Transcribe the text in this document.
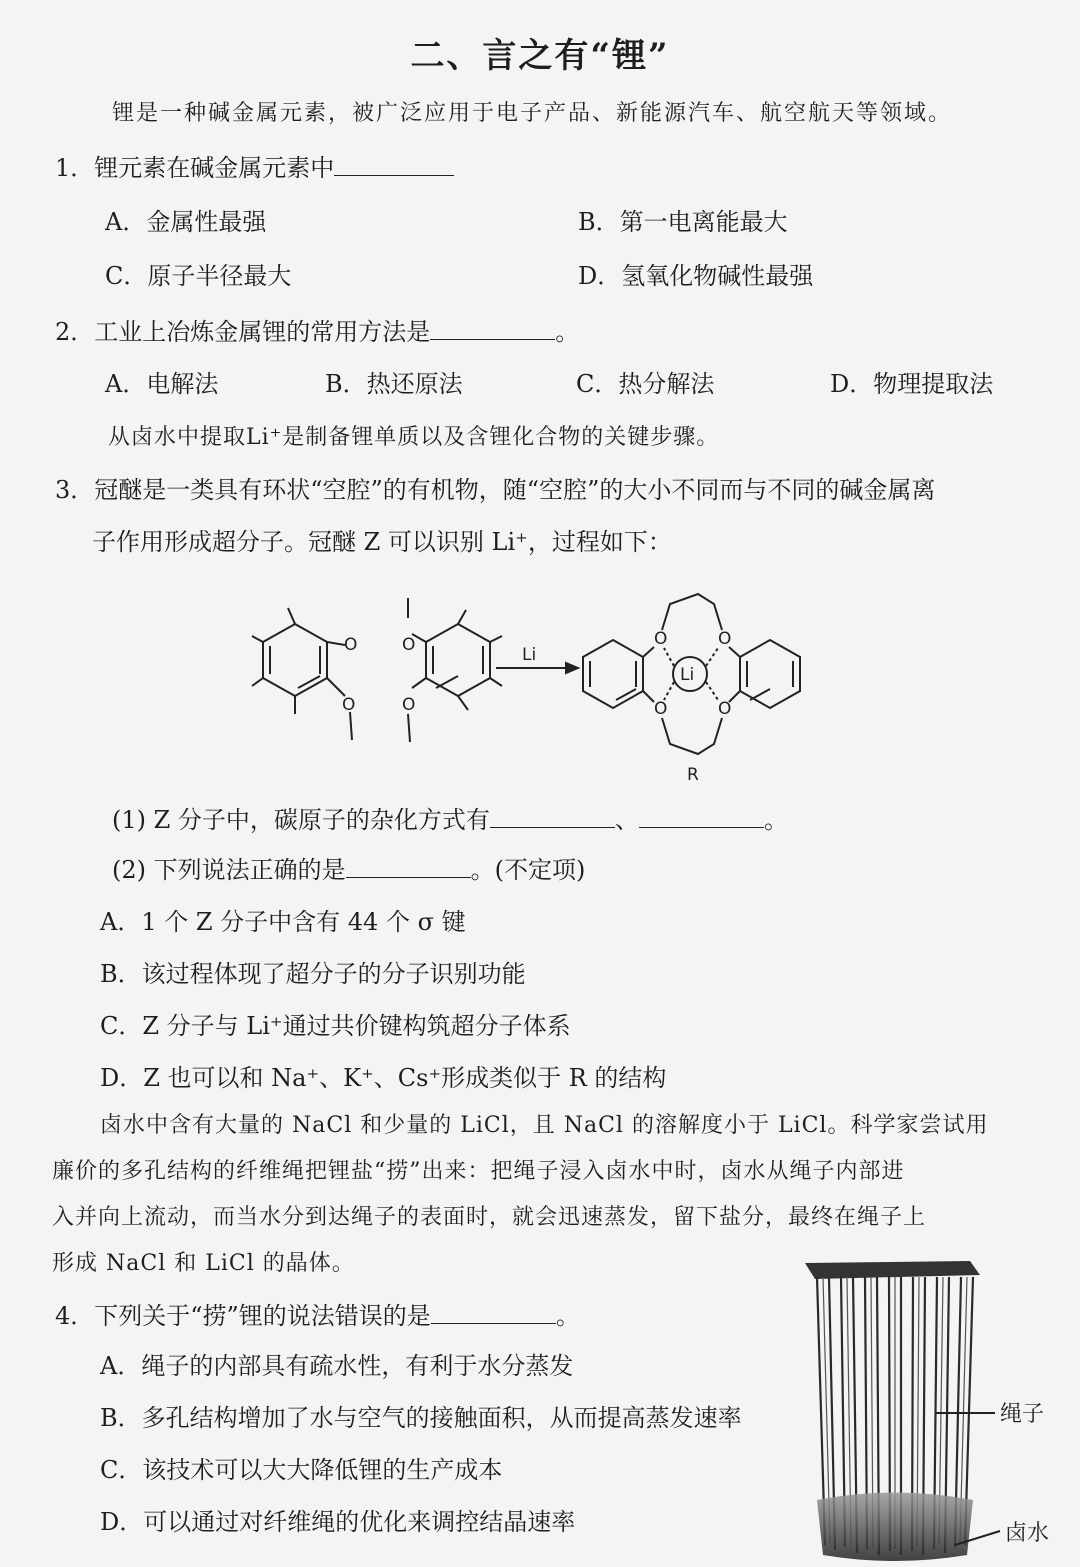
二、言之有“锂”
锂是一种碱金属元素，被广泛应用于电子产品、新能源汽车、航空航天等领域。
1．锂元素在碱金属元素中
A．金属性最强	B．第一电离能最大
C．原子半径最大	D．氢氧化物碱性最强
2．工业上冶炼金属锂的常用方法是	。
A．电解法	B．热还原法	C．热分解法	D．物理提取法
从卤水中提取Li⁺是制备锂单质以及含锂化合物的关键步骤。
3．冠醚是一类具有环状“空腔”的有机物，随“空腔”的大小不同而与不同的碱金属离
子作用形成超分子。冠醚 Z 可以识别 Li⁺，过程如下：
O
O
O
O
O	O
O	O
Li
Li
R
(1) Z 分子中，碳原子的杂化方式有	、	。
(2) 下列说法正确的是	。(不定项)
A．1 个 Z 分子中含有 44 个 σ 键
B．该过程体现了超分子的分子识别功能
C．Z 分子与 Li⁺通过共价键构筑超分子体系
D．Z 也可以和 Na⁺、K⁺、Cs⁺形成类似于 R 的结构
卤水中含有大量的 NaCl 和少量的 LiCl，且 NaCl 的溶解度小于 LiCl。科学家尝试用
廉价的多孔结构的纤维绳把锂盐“捞”出来：把绳子浸入卤水中时，卤水从绳子内部进
入并向上流动，而当水分到达绳子的表面时，就会迅速蒸发，留下盐分，最终在绳子上
形成 NaCl 和 LiCl 的晶体。
4．下列关于“捞”锂的说法错误的是	。
A．绳子的内部具有疏水性，有利于水分蒸发
B．多孔结构增加了水与空气的接触面积，从而提高蒸发速率
C．该技术可以大大降低锂的生产成本
D．可以通过对纤维绳的优化来调控结晶速率
绳子
卤水
